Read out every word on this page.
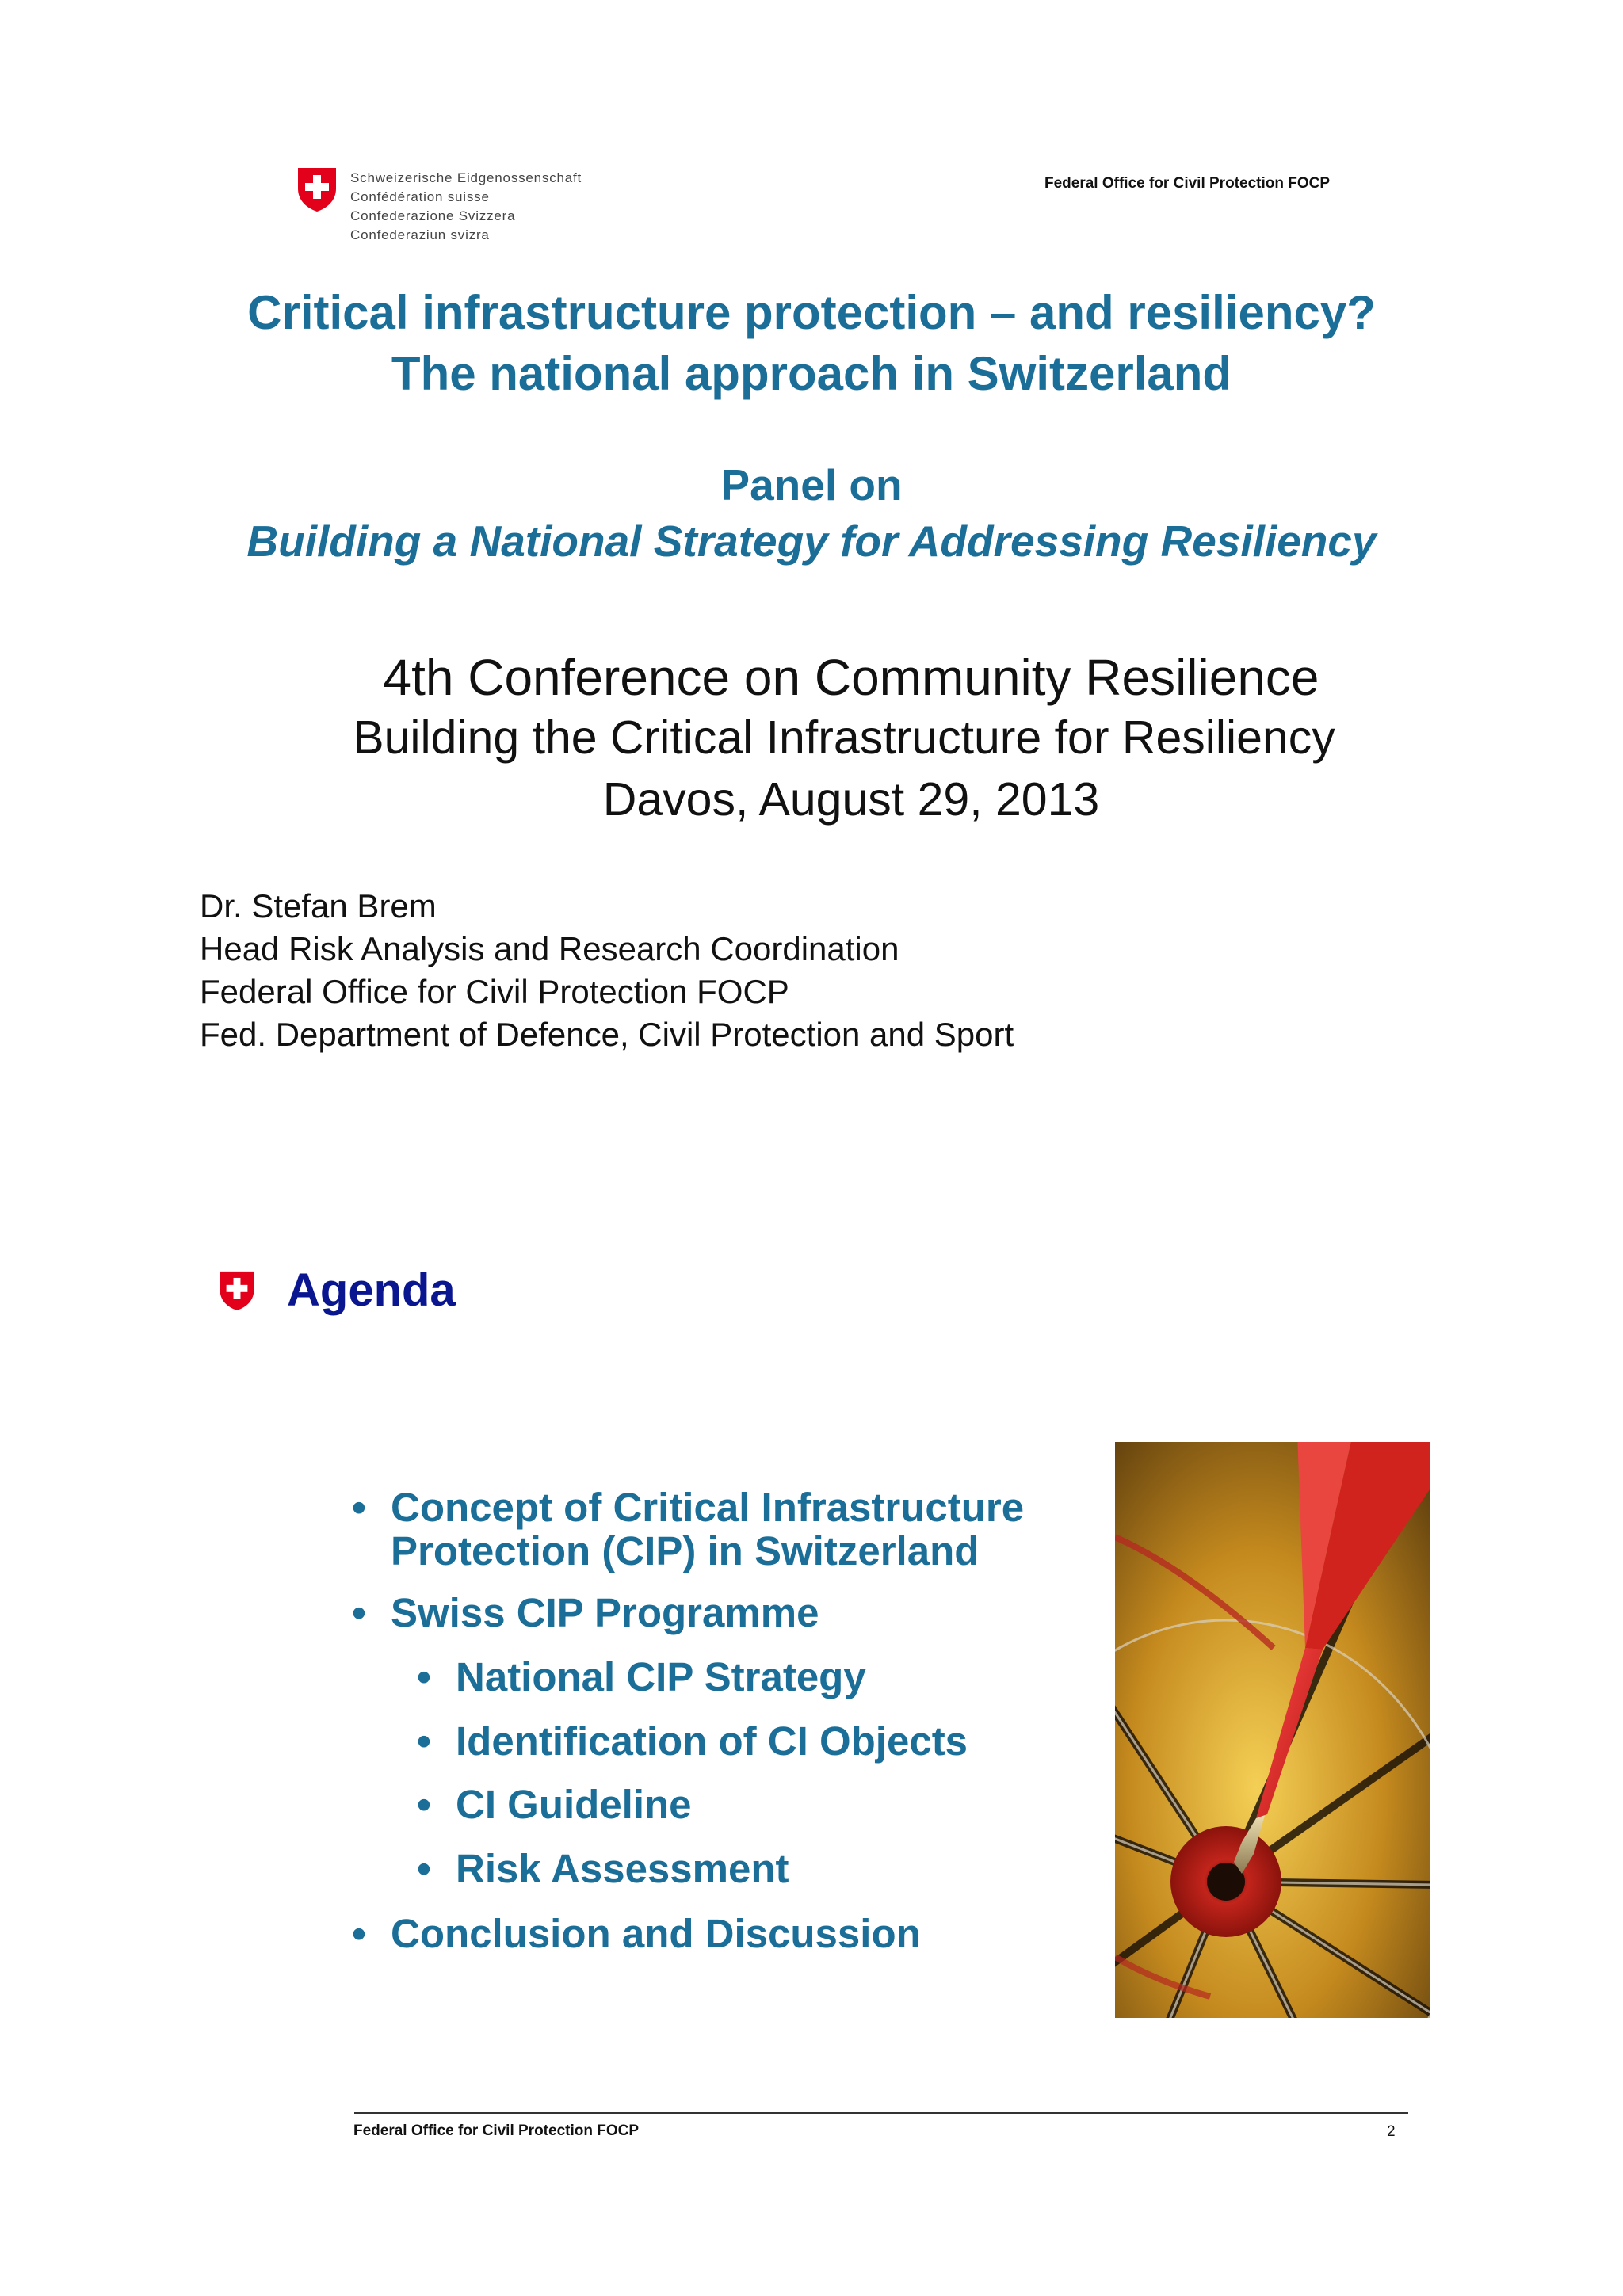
Schweizerische Eidgenossenschaft
Confédération suisse
Confederazione Svizzera
Confederaziun svizra
Federal Office for Civil Protection FOCP
Critical infrastructure protection – and resiliency?
The national approach in Switzerland
Panel on
Building a National Strategy for Addressing Resiliency
4th Conference on Community Resilience
Building the Critical Infrastructure for Resiliency
Davos, August 29, 2013
Dr. Stefan Brem
Head Risk Analysis and Research Coordination
Federal Office for Civil Protection FOCP
Fed. Department of Defence, Civil Protection and Sport
Agenda
• Concept of Critical Infrastructure
Protection (CIP) in Switzerland
• Swiss CIP Programme
• National CIP Strategy
• Identification of CI Objects
• CI Guideline
• Risk Assessment
• Conclusion and Discussion
Federal Office for Civil Protection FOCP	2
